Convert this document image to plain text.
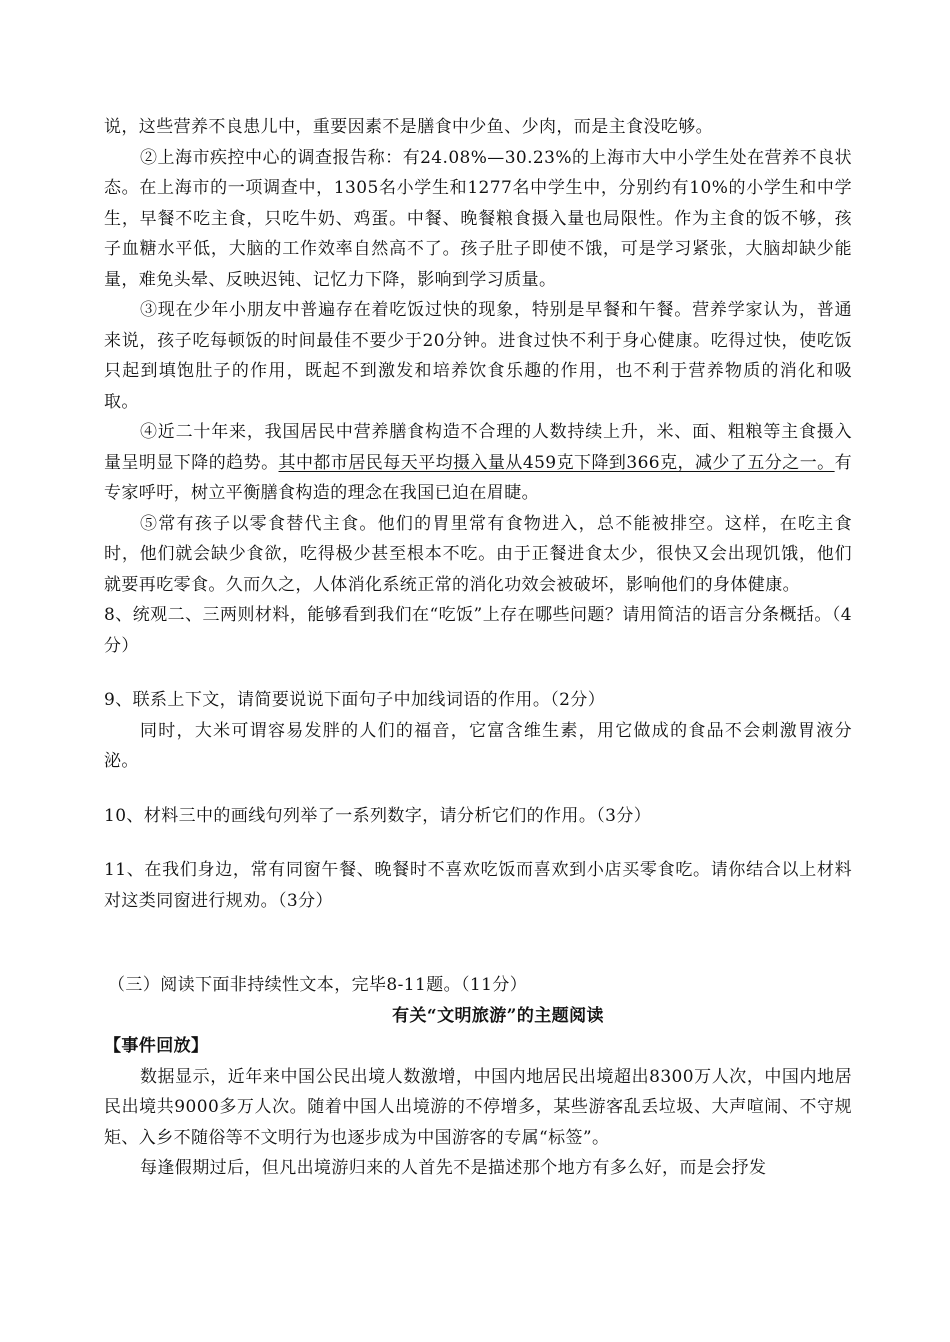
说，这些营养不良患儿中，重要因素不是膳食中少鱼、少肉，而是主食没吃够。

②上海市疾控中心的调查报告称：有24.08%—30.23%的上海市大中小学生处在营养不良状态。在上海市的一项调查中，1305名小学生和1277名中学生中，分别约有10%的小学生和中学生，早餐不吃主食，只吃牛奶、鸡蛋。中餐、晚餐粮食摄入量也局限性。作为主食的饭不够，孩子血糖水平低，大脑的工作效率自然高不了。孩子肚子即使不饿，可是学习紧张，大脑却缺少能量，难免头晕、反映迟钝、记忆力下降，影响到学习质量。

③现在少年小朋友中普遍存在着吃饭过快的现象，特别是早餐和午餐。营养学家认为，普通来说，孩子吃每顿饭的时间最佳不要少于20分钟。进食过快不利于身心健康。吃得过快，使吃饭只起到填饱肚子的作用，既起不到激发和培养饮食乐趣的作用，也不利于营养物质的消化和吸取。

④近二十年来，我国居民中营养膳食构造不合理的人数持续上升，米、面、粗粮等主食摄入量呈明显下降的趋势。其中都市居民每天平均摄入量从459克下降到366克，减少了五分之一。有专家呼吁，树立平衡膳食构造的理念在我国已迫在眉睫。

⑤常有孩子以零食替代主食。他们的胃里常有食物进入，总不能被排空。这样，在吃主食时，他们就会缺少食欲，吃得极少甚至根本不吃。由于正餐进食太少，很快又会出现饥饿，他们就要再吃零食。久而久之，人体消化系统正常的消化功效会被破坏，影响他们的身体健康。

8、统观二、三两则材料，能够看到我们在“吃饭”上存在哪些问题？请用简洁的语言分条概括。（4分）

9、联系上下文，请简要说说下面句子中加线词语的作用。（2分）

同时，大米可谓容易发胖的人们的福音，它富含维生素，用它做成的食品不会刺激胃液分泌。

10、材料三中的画线句列举了一系列数字，请分析它们的作用。（3分）

11、在我们身边，常有同窗午餐、晚餐时不喜欢吃饭而喜欢到小店买零食吃。请你结合以上材料对这类同窗进行规劝。（3分）

（三）阅读下面非持续性文本，完毕8-11题。（11分）

有关“文明旅游”的主题阅读

【事件回放】

数据显示，近年来中国公民出境人数激增，中国内地居民出境超出8300万人次，中国内地居民出境共9000多万人次。随着中国人出境游的不停增多，某些游客乱丢垃圾、大声喧闹、不守规矩、入乡不随俗等不文明行为也逐步成为中国游客的专属“标签”。

每逢假期过后，但凡出境游归来的人首先不是描述那个地方有多么好，而是会抒发
